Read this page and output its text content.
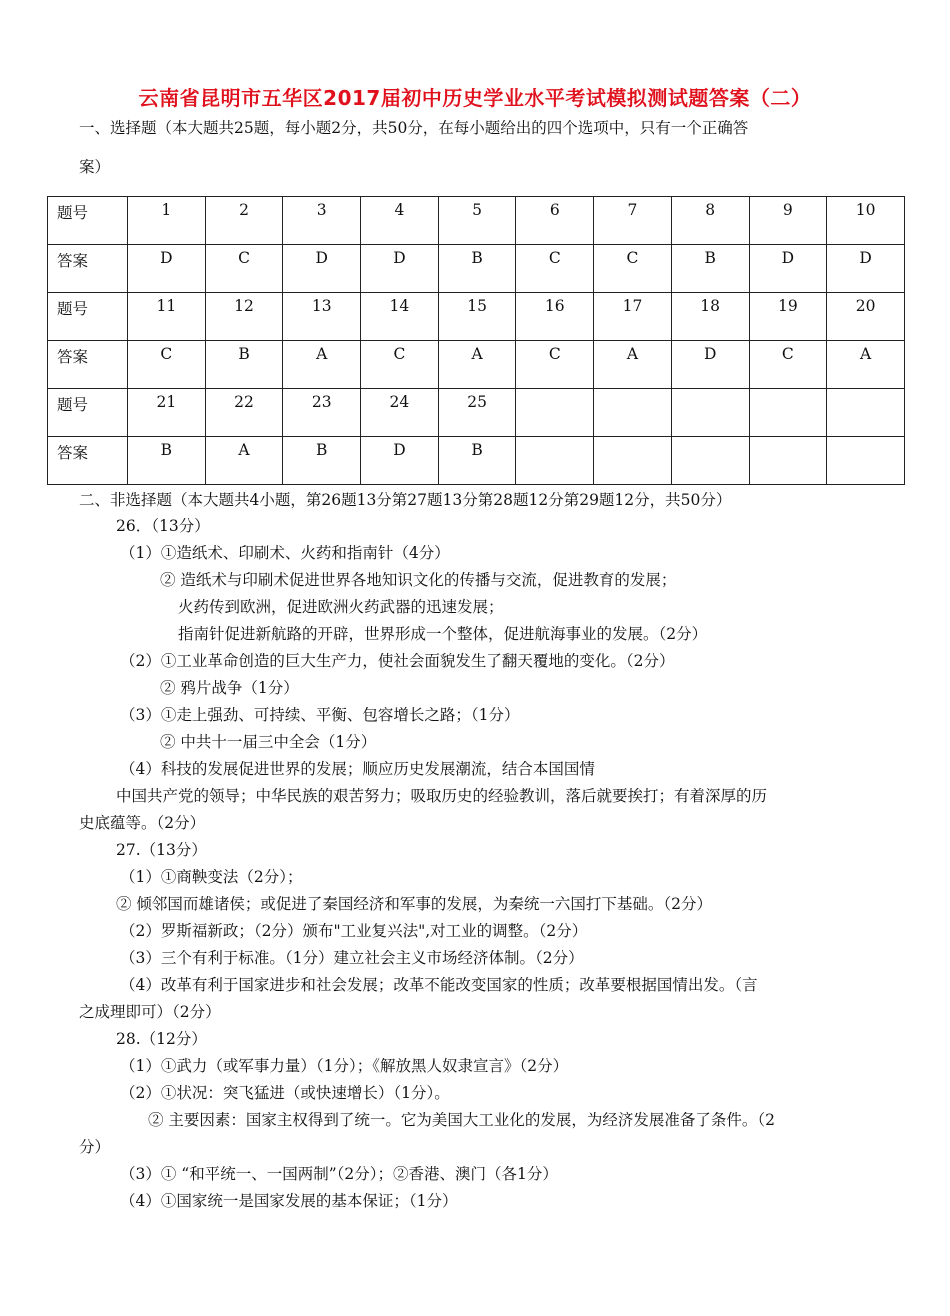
云南省昆明市五华区2017届初中历史学业水平考试模拟测试题答案（二）
一、选择题（本大题共25题，每小题2分，共50分，在每小题给出的四个选项中，只有一个正确答
案）
题号	1	2	3	4	5	6	7	8	9	10
答案	D	C	D	D	B	C	C	B	D	D
题号	11	12	13	14	15	16	17	18	19	20
答案	C	B	A	C	A	C	A	D	C	A
题号	21	22	23	24	25					
答案	B	A	B	D	B					
二、非选择题（本大题共4小题，第26题13分第27题13分第28题12分第29题12分，共50分）
26．（13分）
（1）①造纸术、印刷术、火药和指南针（4分）
② 造纸术与印刷术促进世界各地知识文化的传播与交流，促进教育的发展；
火药传到欧洲，促进欧洲火药武器的迅速发展；
指南针促进新航路的开辟，世界形成一个整体，促进航海事业的发展。（2分）
（2）①工业革命创造的巨大生产力，使社会面貌发生了翻天覆地的变化。（2分）
② 鸦片战争（1分）
（3）①走上强劲、可持续、平衡、包容增长之路；（1分）
② 中共十一届三中全会（1分）
（4）科技的发展促进世界的发展；顺应历史发展潮流，结合本国国情
中国共产党的领导；中华民族的艰苦努力；吸取历史的经验教训，落后就要挨打；有着深厚的历
史底蕴等。（2分）
27.（13分）
（1）①商鞅变法（2分）；
② 倾邻国而雄诸侯；或促进了秦国经济和军事的发展，为秦统一六国打下基础。（2分）
（2）罗斯福新政；（2分）颁布"工业复兴法",对工业的调整。（2分）
（3）三个有利于标准。（1分）建立社会主义市场经济体制。（2分）
（4）改革有利于国家进步和社会发展；改革不能改变国家的性质；改革要根据国情出发。（言
之成理即可）（2分）
28.（12分）
（1）①武力（或军事力量）（1分）；《解放黑人奴隶宣言》（2分）
（2）①状况：突飞猛进（或快速增长）（1分）。
② 主要因素：国家主权得到了统一。它为美国大工业化的发展，为经济发展准备了条件。（2
分）
（3）① “和平统一、一国两制”（2分）；②香港、澳门（各1分）
（4）①国家统一是国家发展的基本保证；（1分）
